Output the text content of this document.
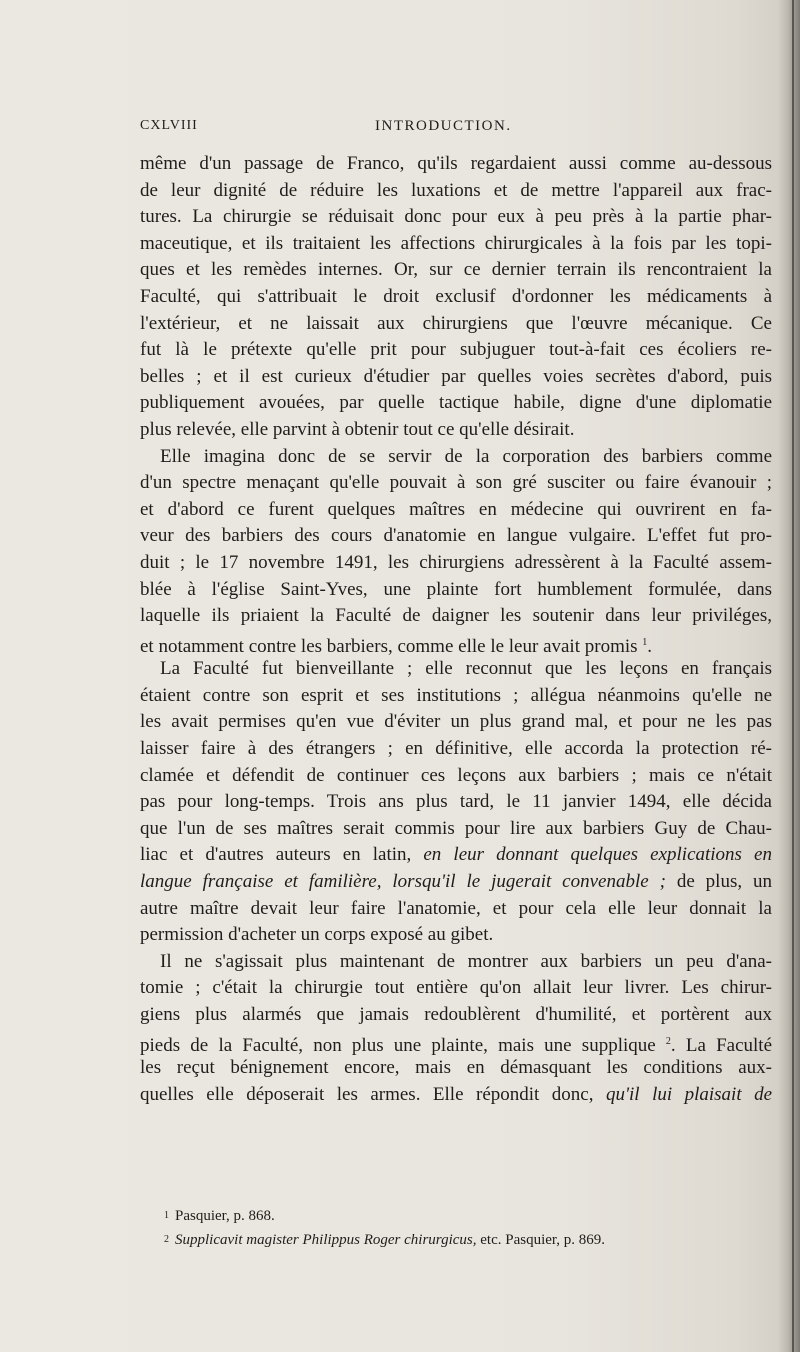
CXLVIII	INTRODUCTION.
même d'un passage de Franco, qu'ils regardaient aussi comme au-dessous
de leur dignité de réduire les luxations et de mettre l'appareil aux frac-
tures. La chirurgie se réduisait donc pour eux à peu près à la partie phar-
maceutique, et ils traitaient les affections chirurgicales à la fois par les topi-
ques et les remèdes internes. Or, sur ce dernier terrain ils rencontraient la
Faculté, qui s'attribuait le droit exclusif d'ordonner les médicaments à
l'extérieur, et ne laissait aux chirurgiens que l'œuvre mécanique. Ce
fut là le prétexte qu'elle prit pour subjuguer tout-à-fait ces écoliers re-
belles ; et il est curieux d'étudier par quelles voies secrètes d'abord, puis
publiquement avouées, par quelle tactique habile, digne d'une diplomatie
plus relevée, elle parvint à obtenir tout ce qu'elle désirait.
Elle imagina donc de se servir de la corporation des barbiers comme
d'un spectre menaçant qu'elle pouvait à son gré susciter ou faire évanouir ;
et d'abord ce furent quelques maîtres en médecine qui ouvrirent en fa-
veur des barbiers des cours d'anatomie en langue vulgaire. L'effet fut pro-
duit ; le 17 novembre 1491, les chirurgiens adressèrent à la Faculté assem-
blée à l'église Saint-Yves, une plainte fort humblement formulée, dans
laquelle ils priaient la Faculté de daigner les soutenir dans leur priviléges,
et notamment contre les barbiers, comme elle le leur avait promis $^1$.
La Faculté fut bienveillante ; elle reconnut que les leçons en français
étaient contre son esprit et ses institutions ; allégua néanmoins qu'elle ne
les avait permises qu'en vue d'éviter un plus grand mal, et pour ne les pas
laisser faire à des étrangers ; en définitive, elle accorda la protection ré-
clamée et défendit de continuer ces leçons aux barbiers ; mais ce n'était
pas pour long-temps. Trois ans plus tard, le 11 janvier 1494, elle décida
que l'un de ses maîtres serait commis pour lire aux barbiers Guy de Chau-
liac et d'autres auteurs en latin, en leur donnant quelques explications en
langue française et familière, lorsqu'il le jugerait convenable ; de plus, un
autre maître devait leur faire l'anatomie, et pour cela elle leur donnait la
permission d'acheter un corps exposé au gibet.
Il ne s'agissait plus maintenant de montrer aux barbiers un peu d'ana-
tomie ; c'était la chirurgie tout entière qu'on allait leur livrer. Les chirur-
giens plus alarmés que jamais redoublèrent d'humilité, et portèrent aux
pieds de la Faculté, non plus une plainte, mais une supplique $^2$. La Faculté
les reçut bénignement encore, mais en démasquant les conditions aux-
quelles elle déposerait les armes. Elle répondit donc, qu'il lui plaisait de
1 Pasquier, p. 868.
2 Supplicavit magister Philippus Roger chirurgicus, etc. Pasquier, p. 869.
